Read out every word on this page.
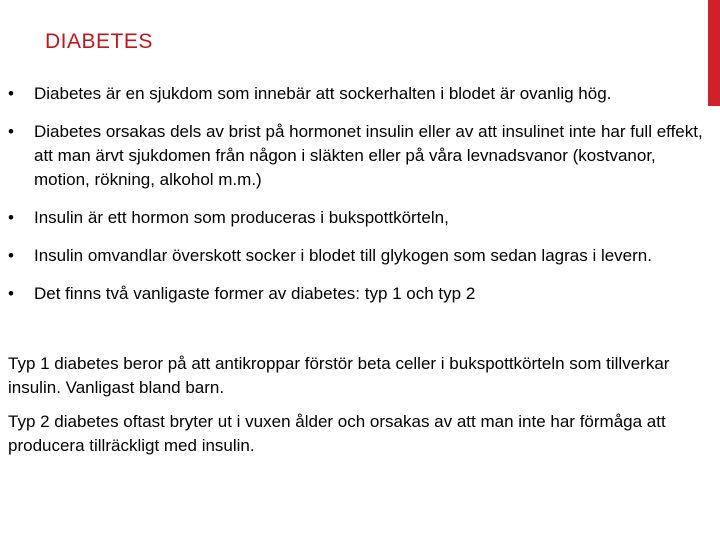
DIABETES
• Diabetes är en sjukdom som innebär att sockerhalten i blodet är ovanlig hög.
• Diabetes orsakas dels av brist på hormonet insulin eller av att insulinet inte har full effekt, att man ärvt sjukdomen från någon i släkten eller på våra levnadsvanor (kostvanor, motion, rökning, alkohol m.m.)
• Insulin är ett hormon som produceras i bukspottkörteln,
• Insulin omvandlar överskott socker i blodet till glykogen som sedan lagras i levern.
• Det finns två vanligaste former av diabetes: typ 1 och typ 2

Typ 1 diabetes beror på att antikroppar förstör beta celler i bukspottkörteln som tillverkar insulin. Vanligast bland barn.

Typ 2 diabetes oftast bryter ut i vuxen ålder och orsakas av att man inte har förmåga att producera tillräckligt med insulin.
